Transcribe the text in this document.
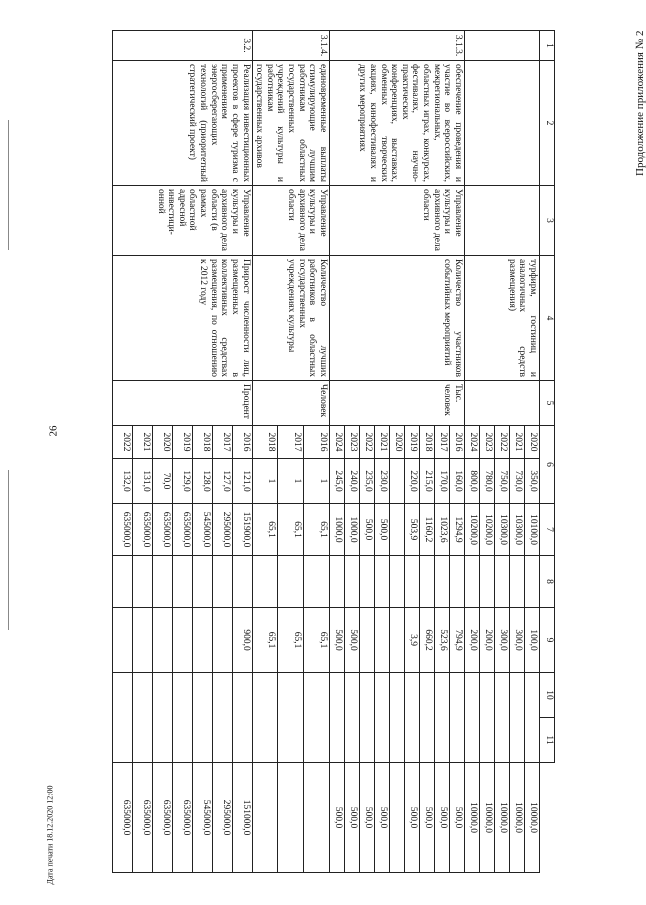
26
Продолжение приложения № 2
Дата печати 18.12.2020 12:00
1	2	3	4	5	6		7	8	9	10	11	
			турфирм, гостиниц и аналогичных средств размещения)		2020	350,0	10100,0		100,0			10000,0
					2021	730,0	10300,0		300,0			10000,0
					2022	750,0	10300,0		300,0			10000,0
					2023	780,0	10200,0		200,0			10000,0
					2024	800,0	10200,0		200,0			10000,0
3.1.3.	обеспечение проведения и участие во всероссийских, межрегиональных, областных играх, конкурсах, фестивалях, научно-практических конференциях, выставках, обменных творческих акциях, кинофестивалях и других мероприятиях	Управление культуры и архивного дела области	Количество участников событийных мероприятий	Тыс. человек	2016	160,0	1294,9		794,9			500,0
					2017	170,0	1023,6		523,6			500,0
					2018	215,0	1160,2		660,2			500,0
					2019	220,0	503,9		3,9			500,0
					2020							
					2021	230,0	500,0					500,0
					2022	235,0	500,0					500,0
					2023	240,0	1000,0		500,0			500,0
					2024	245,0	1000,0		500,0			500,0
3.1.4.	единовременные выплаты стимулирующие лучшим работникам областных государственных учреждений культуры и работникам государственных архивов	Управление культуры и архивного дела области	Количество лучших работников в областных государственных учреждениях культуры	Человек	2016	1	65,1		65,1			
					2017	1	65,1		65,1			
					2018	1	65,1		65,1			
3.2.	Реализация инвестиционных проектов в сфере туризма с применением энергосберегающих технологий (приоритетный стратегический проект)	Управление культуры и архивного дела области (в рамках областной адресной инвестици-онной	Прирост численности лиц, размещенных в коллективных средствах размещения, по отношению к 2012 году	Процент	2016	121,0	151900,0		900,0			151000,0
					2017	127,0	295000,0					295000,0
					2018	128,0	545000,0					545000,0
					2019	129,0	635000,0					635000,0
					2020	70,0	635000,0					635000,0
					2021	131,0	635000,0					635000,0
					2022	132,0	635000,0					635000,0
